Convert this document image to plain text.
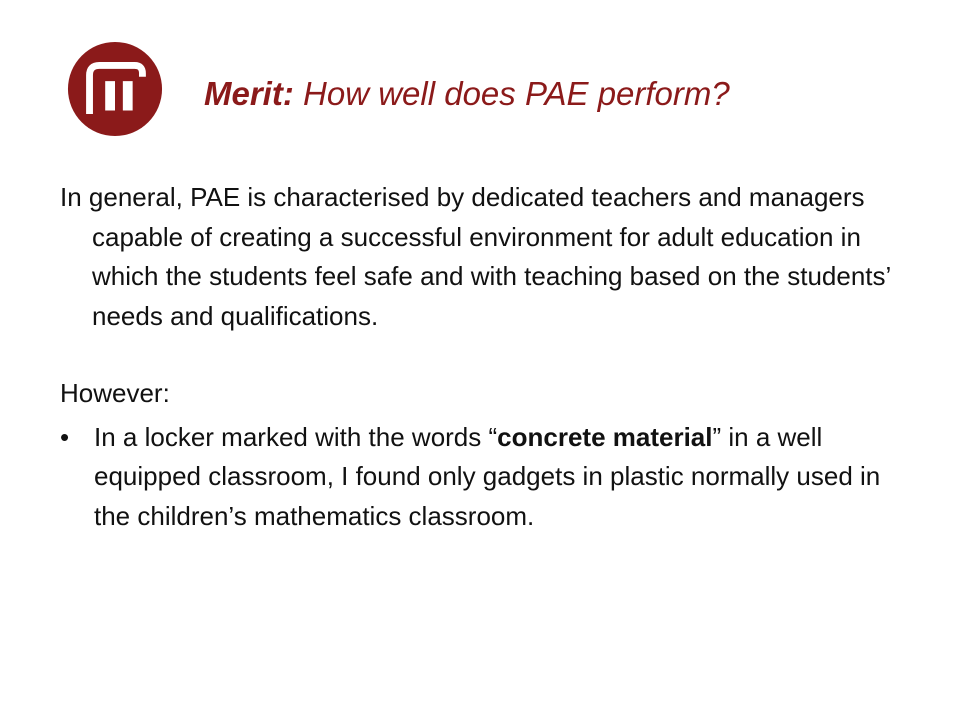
Merit: How well does PAE perform?

In general, PAE is characterised by dedicated teachers and managers capable of creating a successful environment for adult education in which the students feel safe and with teaching based on the students’ needs and qualifications.

However:

• In a locker marked with the words “concrete material” in a well equipped classroom, I found only gadgets in plastic normally used in the children’s mathematics classroom.
